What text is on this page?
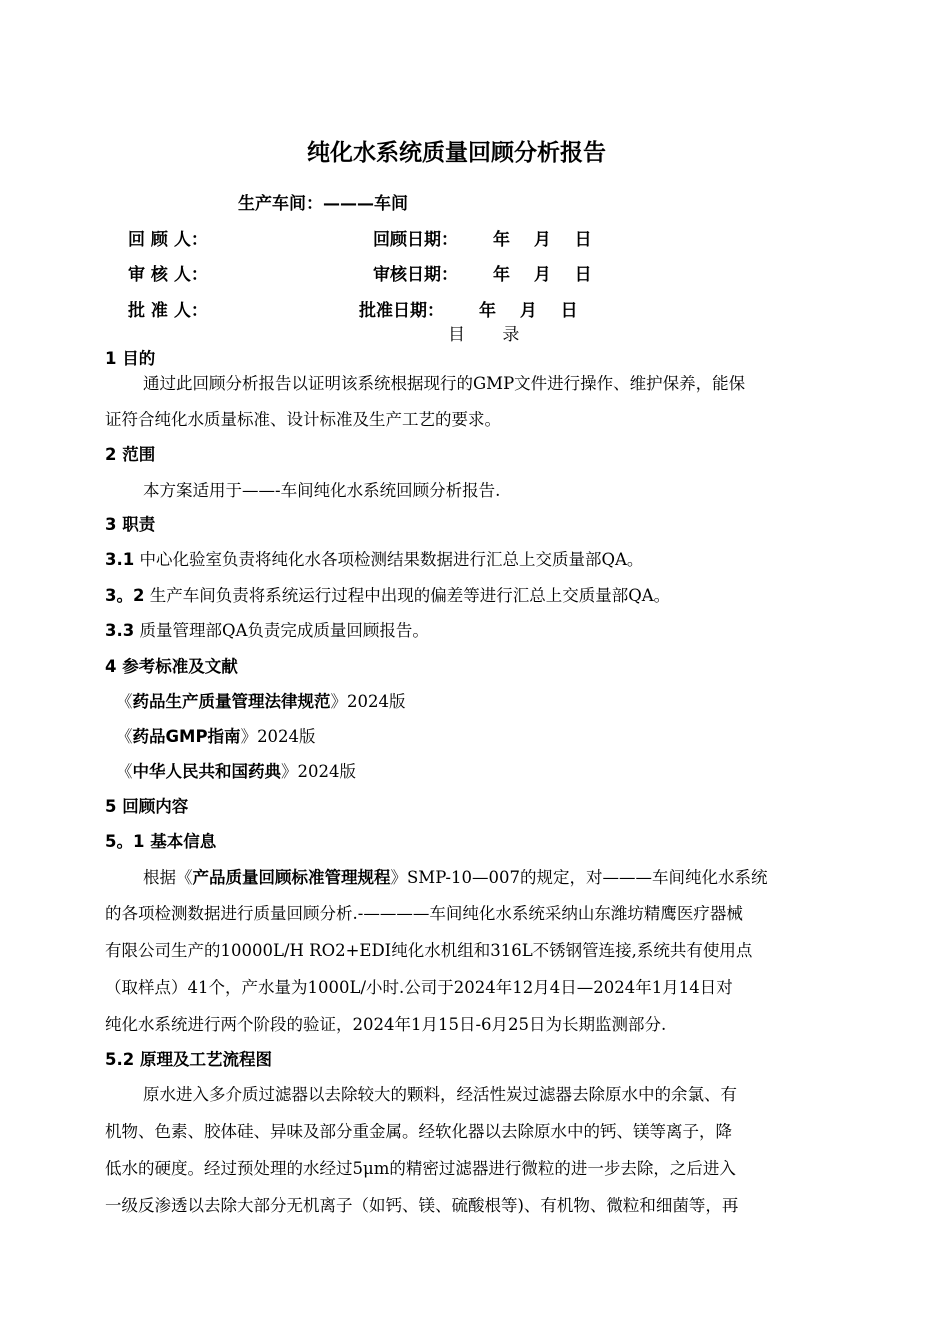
纯化水系统质量回顾分析报告
生产车间：———车间
回 顾 人：	回顾日期： 年  月  日
审 核 人：	审核日期： 年  月  日
批 准 人：	批准日期： 年  月  日
目 录
1 目的
通过此回顾分析报告以证明该系统根据现行的GMP文件进行操作、维护保养，能保
证符合纯化水质量标准、设计标准及生产工艺的要求。
2 范围
本方案适用于——-车间纯化水系统回顾分析报告.
3 职责
3.1 中心化验室负责将纯化水各项检测结果数据进行汇总上交质量部QA。
3。2 生产车间负责将系统运行过程中出现的偏差等进行汇总上交质量部QA。
3.3 质量管理部QA负责完成质量回顾报告。
4 参考标准及文献
《药品生产质量管理法律规范》2024版
《药品GMP指南》2024版
《中华人民共和国药典》2024版
5 回顾内容
5。1 基本信息
根据《产品质量回顾标准管理规程》SMP-10—007的规定，对———车间纯化水系统
的各项检测数据进行质量回顾分析.-————车间纯化水系统采纳山东潍坊精鹰医疗器械
有限公司生产的10000L/H RO2+EDI纯化水机组和316L不锈钢管连接,系统共有使用点
（取样点）41个，产水量为1000L/小时.公司于2024年12月4日—2024年1月14日对
纯化水系统进行两个阶段的验证，2024年1月15日-6月25日为长期监测部分.
5.2 原理及工艺流程图
原水进入多介质过滤器以去除较大的颗料，经活性炭过滤器去除原水中的余氯、有
机物、色素、胶体硅、异味及部分重金属。经软化器以去除原水中的钙、镁等离子，降
低水的硬度。经过预处理的水经过5μm的精密过滤器进行微粒的进一步去除，之后进入
一级反渗透以去除大部分无机离子（如钙、镁、硫酸根等)、有机物、微粒和细菌等，再
